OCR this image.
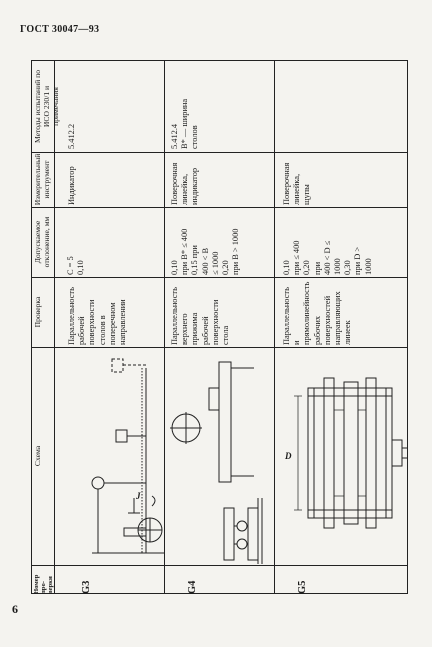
ГОСТ 30047—93
Методы испытаний по
ИСО 230/1 и
примечания
Измерительный
инструмент
Допускаемое
отклонение, мм
Проверка
Схема
Номер
про-
верки
5.412.2
Индикатор
C = 5
0,10
Параллельность
рабочей
поверхности
столов в
поперечном
направлении
G3
J
5.412.4
B* — ширина
столов
Поверочная
линейка,
индикатор
0,10
при B* ≤ 400
0,15 при
400 < B
≤ 1000
0,20
при B > 1000
Параллельность
верхнего прижима
рабочей
поверхности стола
G4
Поверочная
линейка,
щупы
0,10
при ≤ 400
0,20
при
400 < D ≤
1000
0,30
при D >
1000
Параллельность и
прямолинейность
рабочих
поверхностей
направляющих
линеек
G5
D
6
